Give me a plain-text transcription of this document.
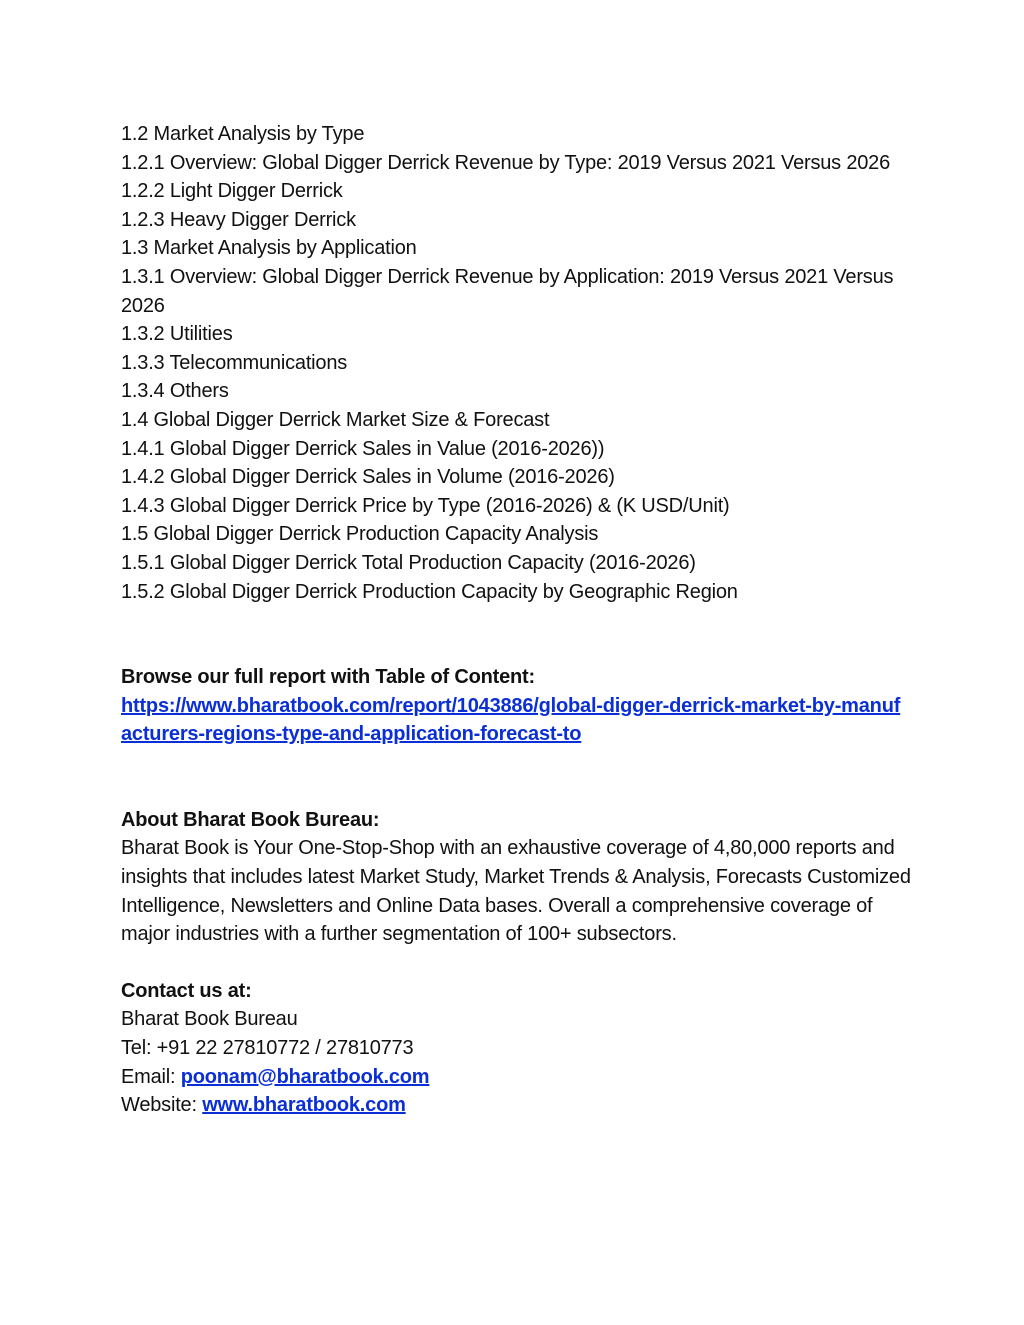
1.2 Market Analysis by Type
1.2.1 Overview: Global Digger Derrick Revenue by Type: 2019 Versus 2021 Versus 2026
1.2.2 Light Digger Derrick
1.2.3 Heavy Digger Derrick
1.3 Market Analysis by Application
1.3.1 Overview: Global Digger Derrick Revenue by Application: 2019 Versus 2021 Versus 2026
1.3.2 Utilities
1.3.3 Telecommunications
1.3.4 Others
1.4 Global Digger Derrick Market Size & Forecast
1.4.1 Global Digger Derrick Sales in Value (2016-2026))
1.4.2 Global Digger Derrick Sales in Volume (2016-2026)
1.4.3 Global Digger Derrick Price by Type (2016-2026) & (K USD/Unit)
1.5 Global Digger Derrick Production Capacity Analysis
1.5.1 Global Digger Derrick Total Production Capacity (2016-2026)
1.5.2 Global Digger Derrick Production Capacity by Geographic Region
Browse our full report with Table of Content:
https://www.bharatbook.com/report/1043886/global-digger-derrick-market-by-manufacturers-regions-type-and-application-forecast-to
About Bharat Book Bureau:
Bharat Book is Your One-Stop-Shop with an exhaustive coverage of 4,80,000 reports and insights that includes latest Market Study, Market Trends & Analysis, Forecasts Customized Intelligence, Newsletters and Online Data bases. Overall a comprehensive coverage of major industries with a further segmentation of 100+ subsectors.
Contact us at:
Bharat Book Bureau
Tel: +91 22 27810772 / 27810773
Email: poonam@bharatbook.com
Website: www.bharatbook.com
